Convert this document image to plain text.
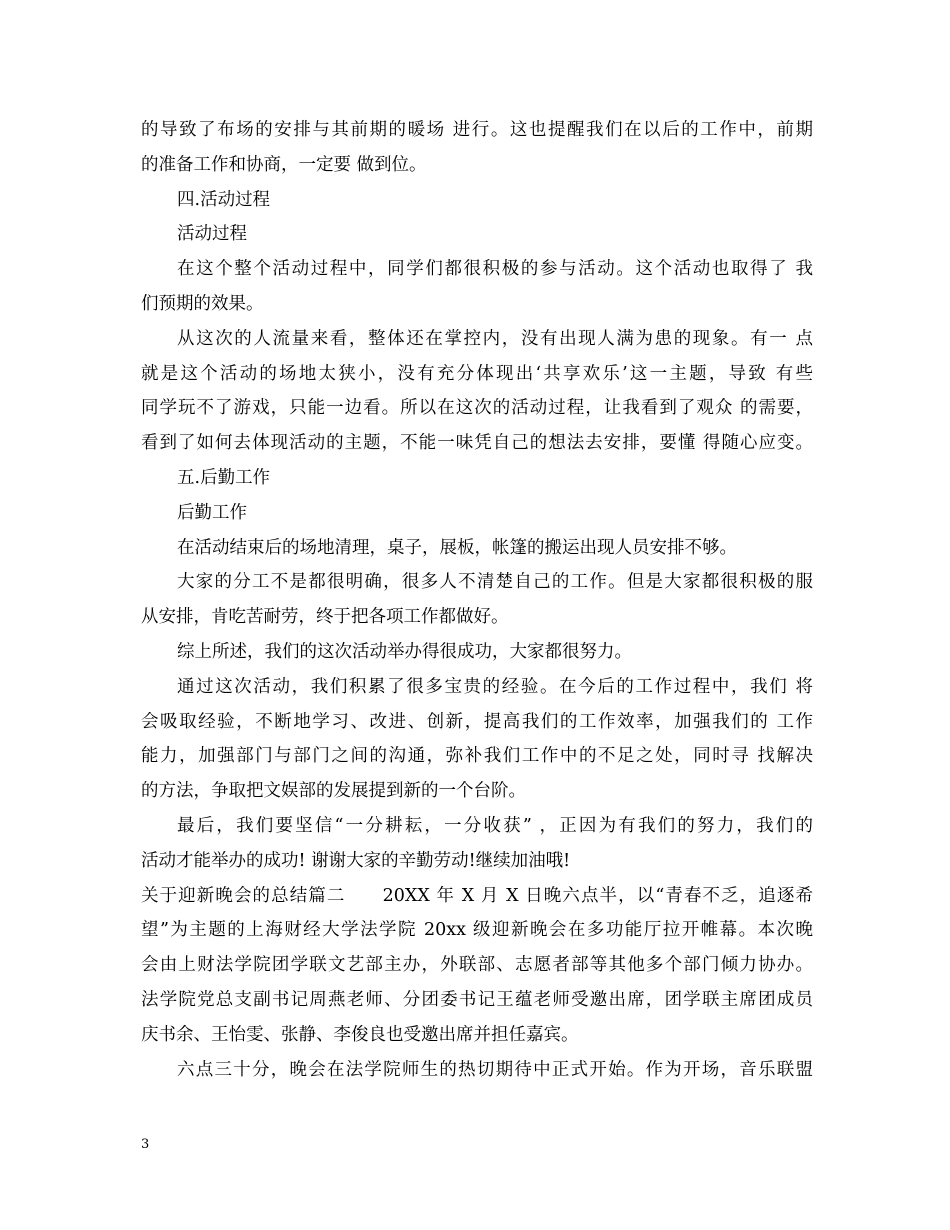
的导致了布场的安排与其前期的暖场 进行。这也提醒我们在以后的工作中，前期
的准备工作和协商，一定要 做到位。
四.活动过程
活动过程
在这个整个活动过程中，同学们都很积极的参与活动。这个活动也取得了 我
们预期的效果。
从这次的人流量来看，整体还在掌控内，没有出现人满为患的现象。有一 点
就是这个活动的场地太狭小，没有充分体现出‘共享欢乐’这一主题，导致 有些
同学玩不了游戏，只能一边看。所以在这次的活动过程，让我看到了观众 的需要，
看到了如何去体现活动的主题，不能一味凭自己的想法去安排，要懂 得随心应变。
五.后勤工作
后勤工作
在活动结束后的场地清理，桌子，展板，帐篷的搬运出现人员安排不够。
大家的分工不是都很明确，很多人不清楚自己的工作。但是大家都很积极的服
从安排，肯吃苦耐劳，终于把各项工作都做好。
综上所述，我们的这次活动举办得很成功，大家都很努力。
通过这次活动，我们积累了很多宝贵的经验。在今后的工作过程中，我们 将
会吸取经验，不断地学习、改进、创新，提高我们的工作效率，加强我们的 工作
能力，加强部门与部门之间的沟通，弥补我们工作中的不足之处，同时寻 找解决
的方法，争取把文娱部的发展提到新的一个台阶。
最后，我们要坚信“一分耕耘，一分收获” ，正因为有我们的努力，我们的
活动才能举办的成功! 谢谢大家的辛勤劳动!继续加油哦!
关于迎新晚会的总结篇二　　20XX 年 X 月 X 日晚六点半，以“青春不乏，追逐希
望”为主题的上海财经大学法学院 20xx 级迎新晚会在多功能厅拉开帷幕。本次晚
会由上财法学院团学联文艺部主办，外联部、志愿者部等其他多个部门倾力协办。
法学院党总支副书记周燕老师、分团委书记王蕴老师受邀出席，团学联主席团成员
庆书余、王怡雯、张静、李俊良也受邀出席并担任嘉宾。
六点三十分，晚会在法学院师生的热切期待中正式开始。作为开场，音乐联盟
3
